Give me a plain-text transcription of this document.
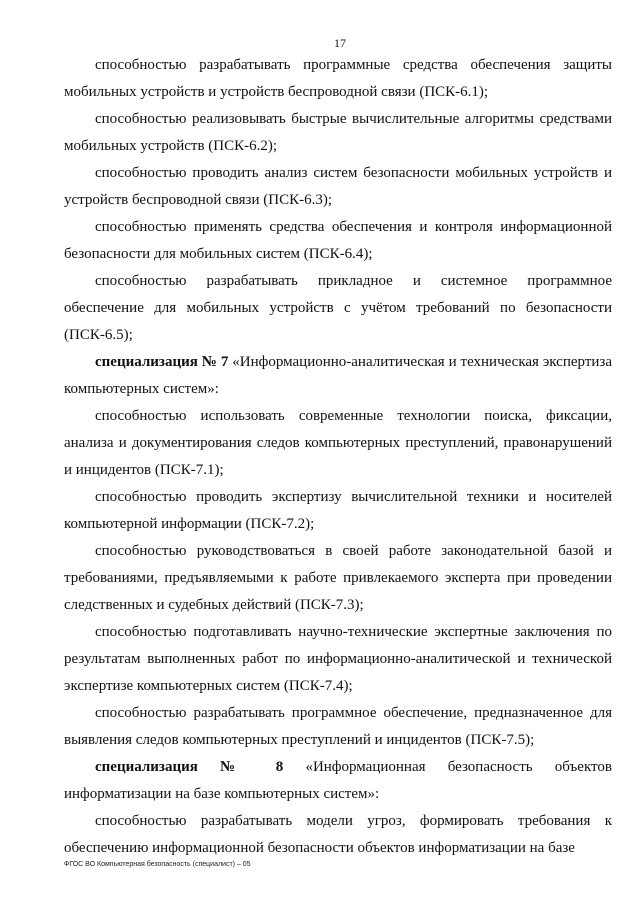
17

способностью разрабатывать программные средства обеспечения защиты мобильных устройств и устройств беспроводной связи (ПСК-6.1);

способностью реализовывать быстрые вычислительные алгоритмы средствами мобильных устройств (ПСК-6.2);

способностью проводить анализ систем безопасности мобильных устройств и устройств беспроводной связи (ПСК-6.3);

способностью применять средства обеспечения и контроля информационной безопасности для мобильных систем (ПСК-6.4);

способностью разрабатывать прикладное и системное программное обеспечение для мобильных устройств с учётом требований по безопасности (ПСК-6.5);

специализация № 7 «Информационно-аналитическая и техническая экспертиза компьютерных систем»:

способностью использовать современные технологии поиска, фиксации, анализа и документирования следов компьютерных преступлений, правонарушений и инцидентов (ПСК-7.1);

способностью проводить экспертизу вычислительной техники и носителей компьютерной информации (ПСК-7.2);

способностью руководствоваться в своей работе законодательной базой и требованиями, предъявляемыми к работе привлекаемого эксперта при проведении следственных и судебных действий (ПСК-7.3);

способностью подготавливать научно-технические экспертные заключения по результатам выполненных работ по информационно-аналитической и технической экспертизе компьютерных систем (ПСК-7.4);

способностью разрабатывать программное обеспечение, предназначенное для выявления следов компьютерных преступлений и инцидентов (ПСК-7.5);

специализация № 8 «Информационная безопасность объектов информатизации на базе компьютерных систем»:

способностью разрабатывать модели угроз, формировать требования к обеспечению информационной безопасности объектов информатизации на базе

ФГОС ВО Компьютерная безопасность (специалист) – 05
